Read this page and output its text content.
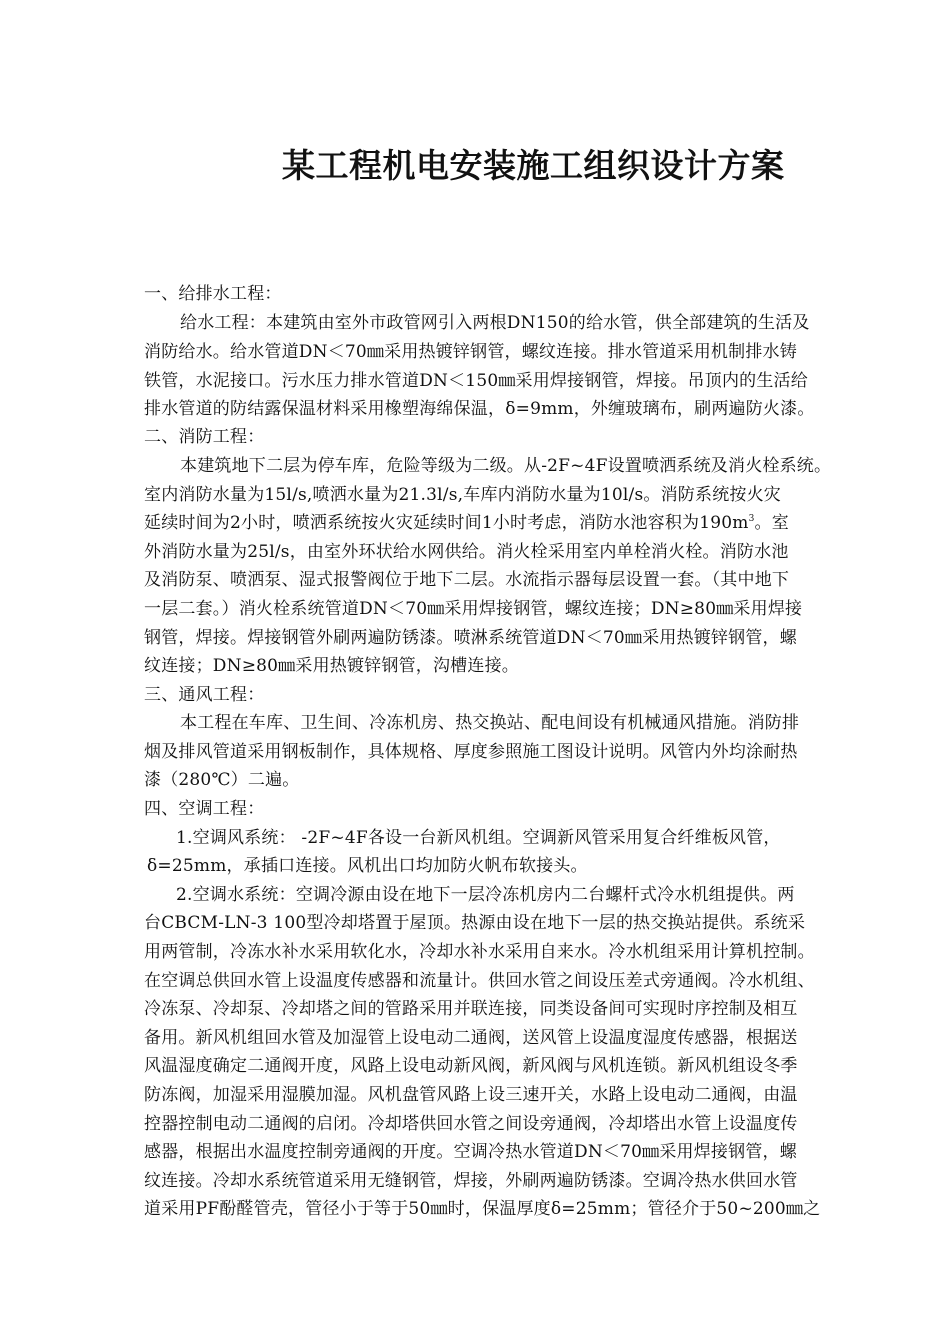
某工程机电安装施工组织设计方案
一、给排水工程：
给水工程：本建筑由室外市政管网引入两根DN150的给水管，供全部建筑的生活及
消防给水。给水管道DN＜70㎜采用热镀锌钢管，螺纹连接。排水管道采用机制排水铸
铁管，水泥接口。污水压力排水管道DN＜150㎜采用焊接钢管，焊接。吊顶内的生活给
排水管道的防结露保温材料采用橡塑海绵保温，δ=9mm，外缠玻璃布，刷两遍防火漆。
二、消防工程：
本建筑地下二层为停车库，危险等级为二级。从-2F~4F设置喷洒系统及消火栓系统。
室内消防水量为15l/s,喷洒水量为21.3l/s,车库内消防水量为10l/s。消防系统按火灾
延续时间为2小时，喷洒系统按火灾延续时间1小时考虑，消防水池容积为$190m^3$。室
外消防水量为25l/s，由室外环状给水网供给。消火栓采用室内单栓消火栓。消防水池
及消防泵、喷洒泵、湿式报警阀位于地下二层。水流指示器每层设置一套。（其中地下
一层二套。）消火栓系统管道DN＜70㎜采用焊接钢管，螺纹连接；DN≥80㎜采用焊接
钢管，焊接。焊接钢管外刷两遍防锈漆。喷淋系统管道DN＜70㎜采用热镀锌钢管，螺
纹连接；DN≥80㎜采用热镀锌钢管，沟槽连接。
三、通风工程：
本工程在车库、卫生间、冷冻机房、热交换站、配电间设有机械通风措施。消防排
烟及排风管道采用钢板制作，具体规格、厚度参照施工图设计说明。风管内外均涂耐热
漆（280℃）二遍。
四、空调工程：
1.空调风系统： -2F~4F各设一台新风机组。空调新风管采用复合纤维板风管，
δ=25mm，承插口连接。风机出口均加防火帆布软接头。
2.空调水系统：空调冷源由设在地下一层冷冻机房内二台螺杆式冷水机组提供。两
台CBCM-LN-3 100型冷却塔置于屋顶。热源由设在地下一层的热交换站提供。系统采
用两管制，冷冻水补水采用软化水，冷却水补水采用自来水。冷水机组采用计算机控制。
在空调总供回水管上设温度传感器和流量计。供回水管之间设压差式旁通阀。冷水机组、
冷冻泵、冷却泵、冷却塔之间的管路采用并联连接，同类设备间可实现时序控制及相互
备用。新风机组回水管及加湿管上设电动二通阀，送风管上设温度湿度传感器，根据送
风温湿度确定二通阀开度，风路上设电动新风阀，新风阀与风机连锁。新风机组设冬季
防冻阀，加湿采用湿膜加湿。风机盘管风路上设三速开关，水路上设电动二通阀，由温
控器控制电动二通阀的启闭。冷却塔供回水管之间设旁通阀，冷却塔出水管上设温度传
感器，根据出水温度控制旁通阀的开度。空调冷热水管道DN＜70㎜采用焊接钢管，螺
纹连接。冷却水系统管道采用无缝钢管，焊接，外刷两遍防锈漆。空调冷热水供回水管
道采用PF酚醛管壳，管径小于等于50㎜时，保温厚度δ=25mm；管径介于50~200㎜之
